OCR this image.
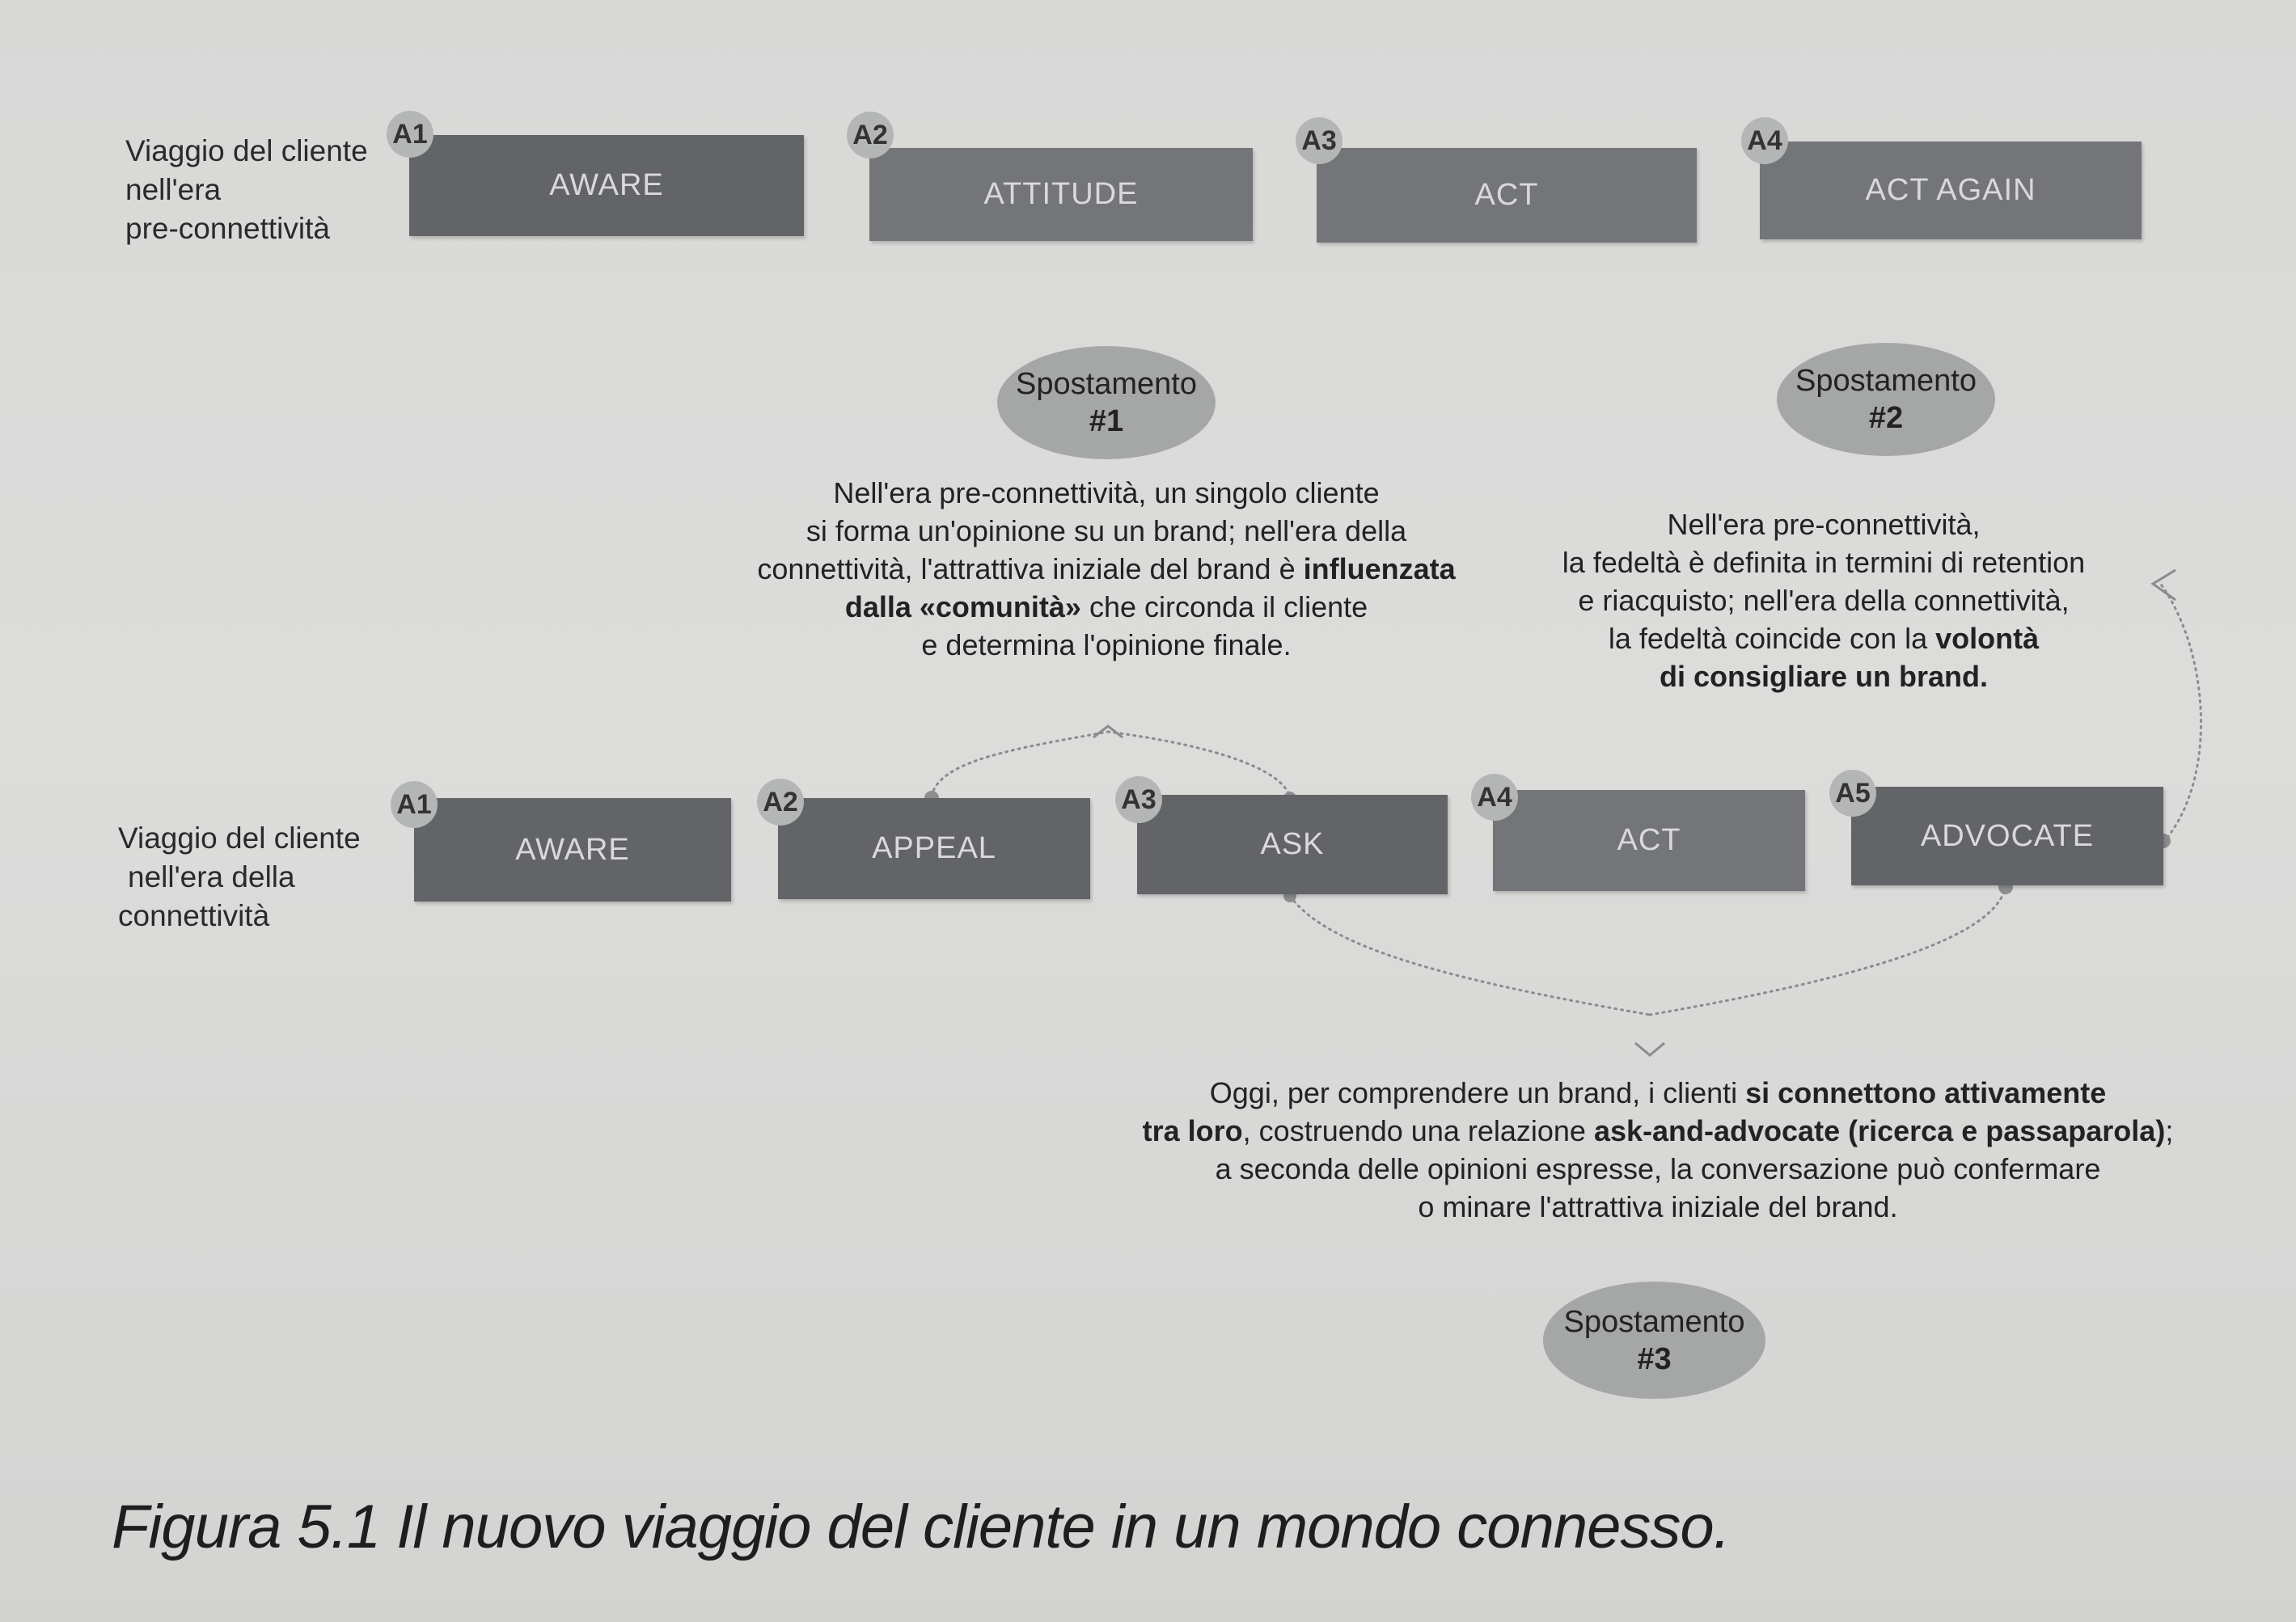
Viaggio del cliente
nell'era
pre-connettività
AWARE
A1
ATTITUDE
A2
ACT
A3
ACT AGAIN
A4
Spostamento
#1
Spostamento
#2
Spostamento
#3
Nell'era pre-connettività, un singolo cliente
si forma un'opinione su un brand; nell'era della
connettività, l'attrattiva iniziale del brand è influenzata
dalla «comunità» che circonda il cliente
e determina l'opinione finale.
Nell'era pre-connettività,
la fedeltà è definita in termini di retention
e riacquisto; nell'era della connettività,
la fedeltà coincide con la volontà
di consigliare un brand.
Viaggio del cliente
nell'era della
connettività
AWARE
A1
APPEAL
A2
ASK
A3
ACT
A4
ADVOCATE
A5
Oggi, per comprendere un brand, i clienti si connettono attivamente
tra loro, costruendo una relazione ask-and-advocate (ricerca e passaparola);
a seconda delle opinioni espresse, la conversazione può confermare
o minare l'attrattiva iniziale del brand.
Figura 5.1 Il nuovo viaggio del cliente in un mondo connesso.
